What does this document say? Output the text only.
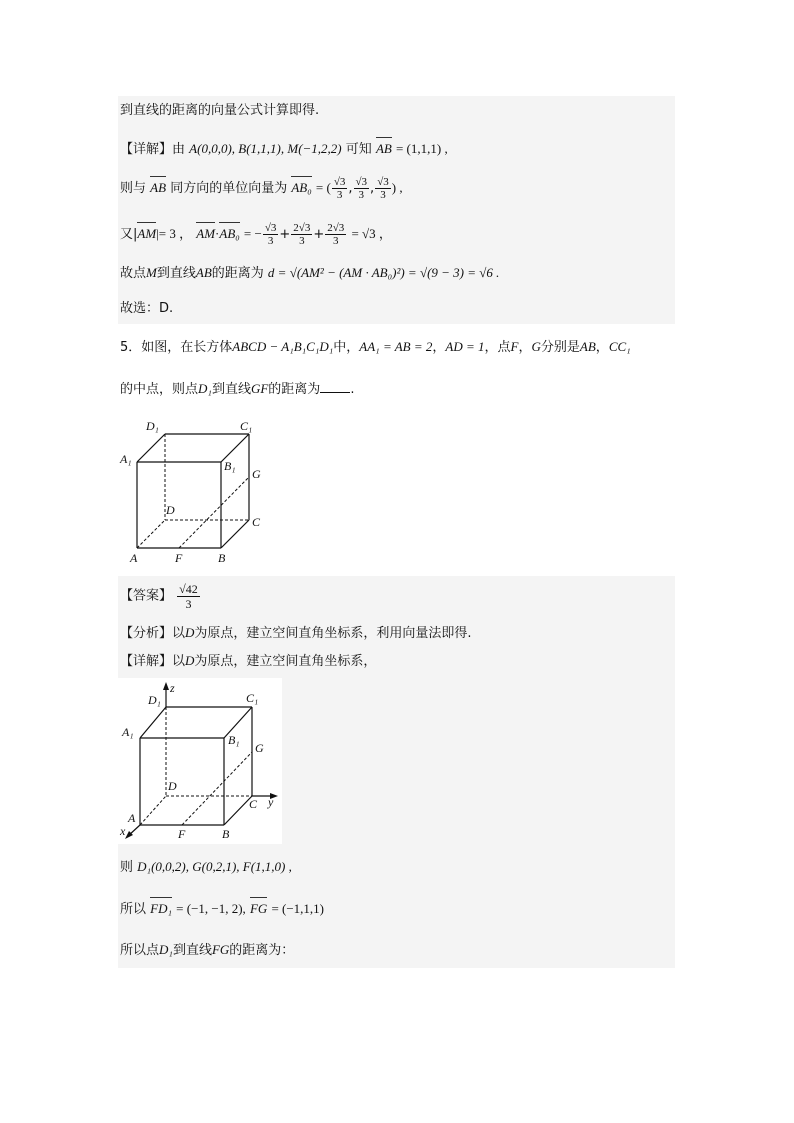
到直线的距离的向量公式计算即得.
【详解】由 A(0,0,0), B(1,1,1), M(−1,2,2) 可知 AB = (1,1,1) ,
则与 AB 同方向的单位向量为 AB₀ = ( $\frac{√3}{3}$ , $\frac{√3}{3}$ , $\frac{√3}{3}$ ) ,
又|AM|= 3 ， AM·AB₀ = − $\frac{√3}{3} + \frac{2√3}{3} + \frac{2√3}{3} = √3$ ，
故点M到直线AB的距离为 d = √(AM² − (AM · AB₀)²) = √(9 − 3) = √6 .
故选：D.
5．如图，在长方体ABCD − A₁B₁C₁D₁中，AA₁ = AB = 2，AD = 1，点F，G分别是AB，CC₁
的中点，则点D₁到直线GF的距离为 .
D₁	C₁
A₁	B₁
G
D
C
A	F	B
【答案】 $\frac{√42}{3}$
【分析】以D为原点，建立空间直角坐标系，利用向量法即得.
【详解】以D为原点，建立空间直角坐标系，
z
D₁	C₁
A₁
B₁
G
D
C y
A
F	B
x
则 D₁(0,0,2), G(0,2,1), F(1,1,0) ,
所以 FD₁ = (−1, −1, 2), FG = (−1,1,1)
所以点D₁到直线FG的距离为：
